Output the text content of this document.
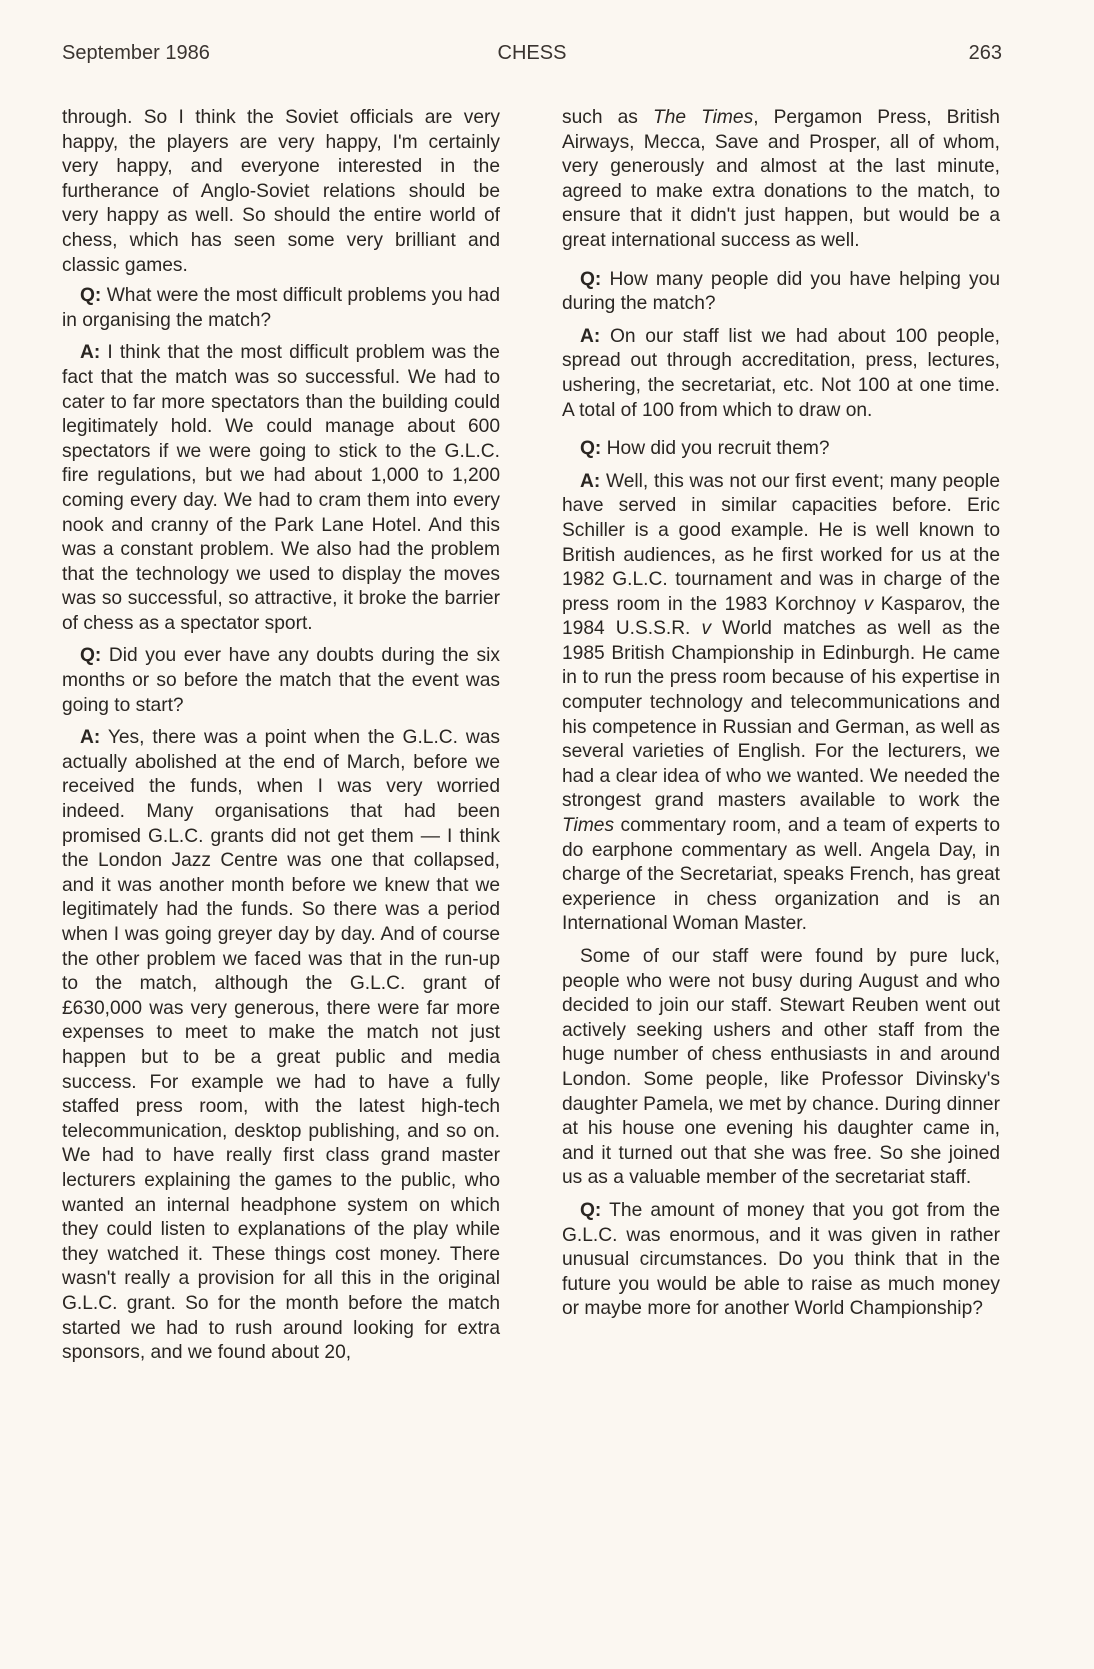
September 1986	CHESS	263

through. So I think the Soviet officials are very happy, the players are very happy, I'm certainly very happy, and everyone interested in the furtherance of Anglo-Soviet relations should be very happy as well. So should the entire world of chess, which has seen some very brilliant and classic games.

Q: What were the most difficult problems you had in organising the match?

A: I think that the most difficult problem was the fact that the match was so successful. We had to cater to far more spectators than the building could legitimately hold. We could manage about 600 spectators if we were going to stick to the G.L.C. fire regulations, but we had about 1,000 to 1,200 coming every day. We had to cram them into every nook and cranny of the Park Lane Hotel. And this was a constant problem. We also had the problem that the technology we used to display the moves was so successful, so attractive, it broke the barrier of chess as a spectator sport.

Q: Did you ever have any doubts during the six months or so before the match that the event was going to start?

A: Yes, there was a point when the G.L.C. was actually abolished at the end of March, before we received the funds, when I was very worried indeed. Many organisations that had been promised G.L.C. grants did not get them — I think the London Jazz Centre was one that collapsed, and it was another month before we knew that we legitimately had the funds. So there was a period when I was going greyer day by day. And of course the other problem we faced was that in the run-up to the match, although the G.L.C. grant of £630,000 was very generous, there were far more expenses to meet to make the match not just happen but to be a great public and media success. For example we had to have a fully staffed press room, with the latest high-tech telecommunication, desktop publishing, and so on. We had to have really first class grand master lecturers explaining the games to the public, who wanted an internal headphone system on which they could listen to explanations of the play while they watched it. These things cost money. There wasn't really a provision for all this in the original G.L.C. grant. So for the month before the match started we had to rush around looking for extra sponsors, and we found about 20,

such as The Times, Pergamon Press, British Airways, Mecca, Save and Prosper, all of whom, very generously and almost at the last minute, agreed to make extra donations to the match, to ensure that it didn't just happen, but would be a great international success as well.

Q: How many people did you have helping you during the match?

A: On our staff list we had about 100 people, spread out through accreditation, press, lectures, ushering, the secretariat, etc. Not 100 at one time. A total of 100 from which to draw on.

Q: How did you recruit them?

A: Well, this was not our first event; many people have served in similar capacities before. Eric Schiller is a good example. He is well known to British audiences, as he first worked for us at the 1982 G.L.C. tournament and was in charge of the press room in the 1983 Korchnoy v Kasparov, the 1984 U.S.S.R. v World matches as well as the 1985 British Championship in Edinburgh. He came in to run the press room because of his expertise in computer technology and telecommunications and his competence in Russian and German, as well as several varieties of English. For the lecturers, we had a clear idea of who we wanted. We needed the strongest grand masters available to work the Times commentary room, and a team of experts to do earphone commentary as well. Angela Day, in charge of the Secretariat, speaks French, has great experience in chess organization and is an International Woman Master.

Some of our staff were found by pure luck, people who were not busy during August and who decided to join our staff. Stewart Reuben went out actively seeking ushers and other staff from the huge number of chess enthusiasts in and around London. Some people, like Professor Divinsky's daughter Pamela, we met by chance. During dinner at his house one evening his daughter came in, and it turned out that she was free. So she joined us as a valuable member of the secretariat staff.

Q: The amount of money that you got from the G.L.C. was enormous, and it was given in rather unusual circumstances. Do you think that in the future you would be able to raise as much money or maybe more for another World Championship?
